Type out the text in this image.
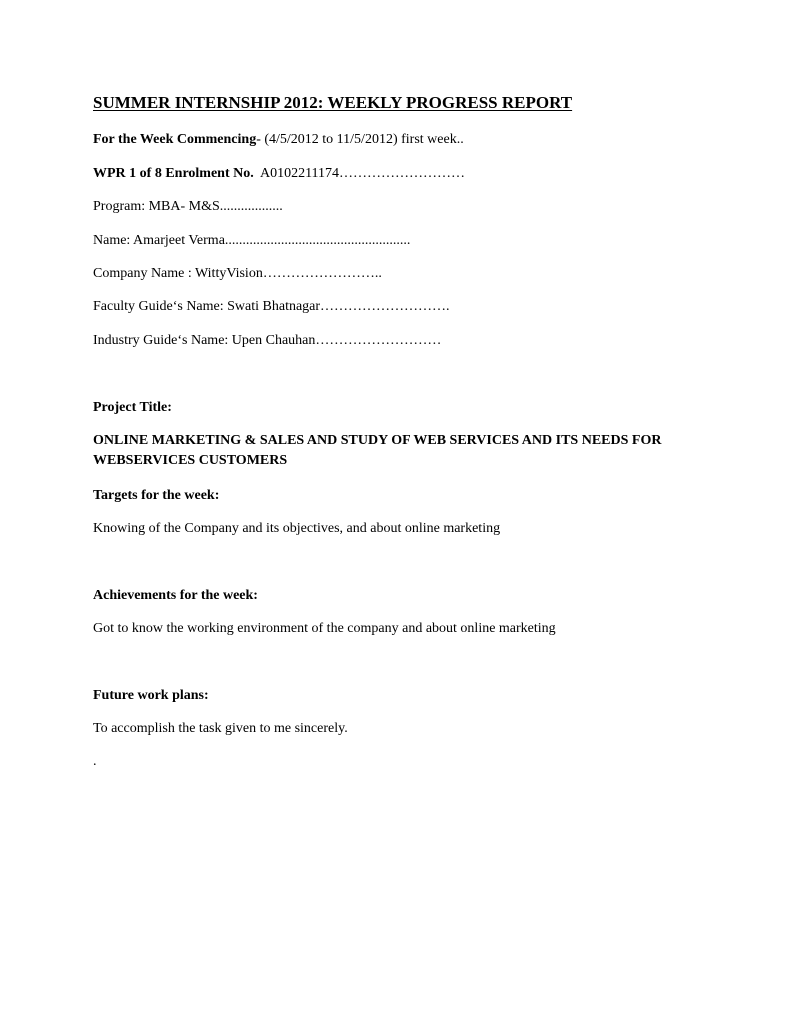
SUMMER INTERNSHIP 2012: WEEKLY PROGRESS REPORT
For the Week Commencing- (4/5/2012 to 11/5/2012) first week..
WPR 1 of 8 Enrolment No. A0102211174………………………
Program: MBA- M&S..................
Name: Amarjeet Verma.....................................................
Company Name : WittyVision……………………..
Faculty Guide‘s Name: Swati Bhatnagar……………………….
Industry Guide‘s Name: Upen Chauhan………………………
Project Title:
ONLINE MARKETING & SALES AND STUDY OF WEB SERVICES AND ITS NEEDS FOR WEBSERVICES CUSTOMERS
Targets for the week:
Knowing of the Company and its objectives, and about online marketing
Achievements for the week:
Got to know the working environment of the company and about online marketing
Future work plans:
To accomplish the task given to me sincerely.
.
